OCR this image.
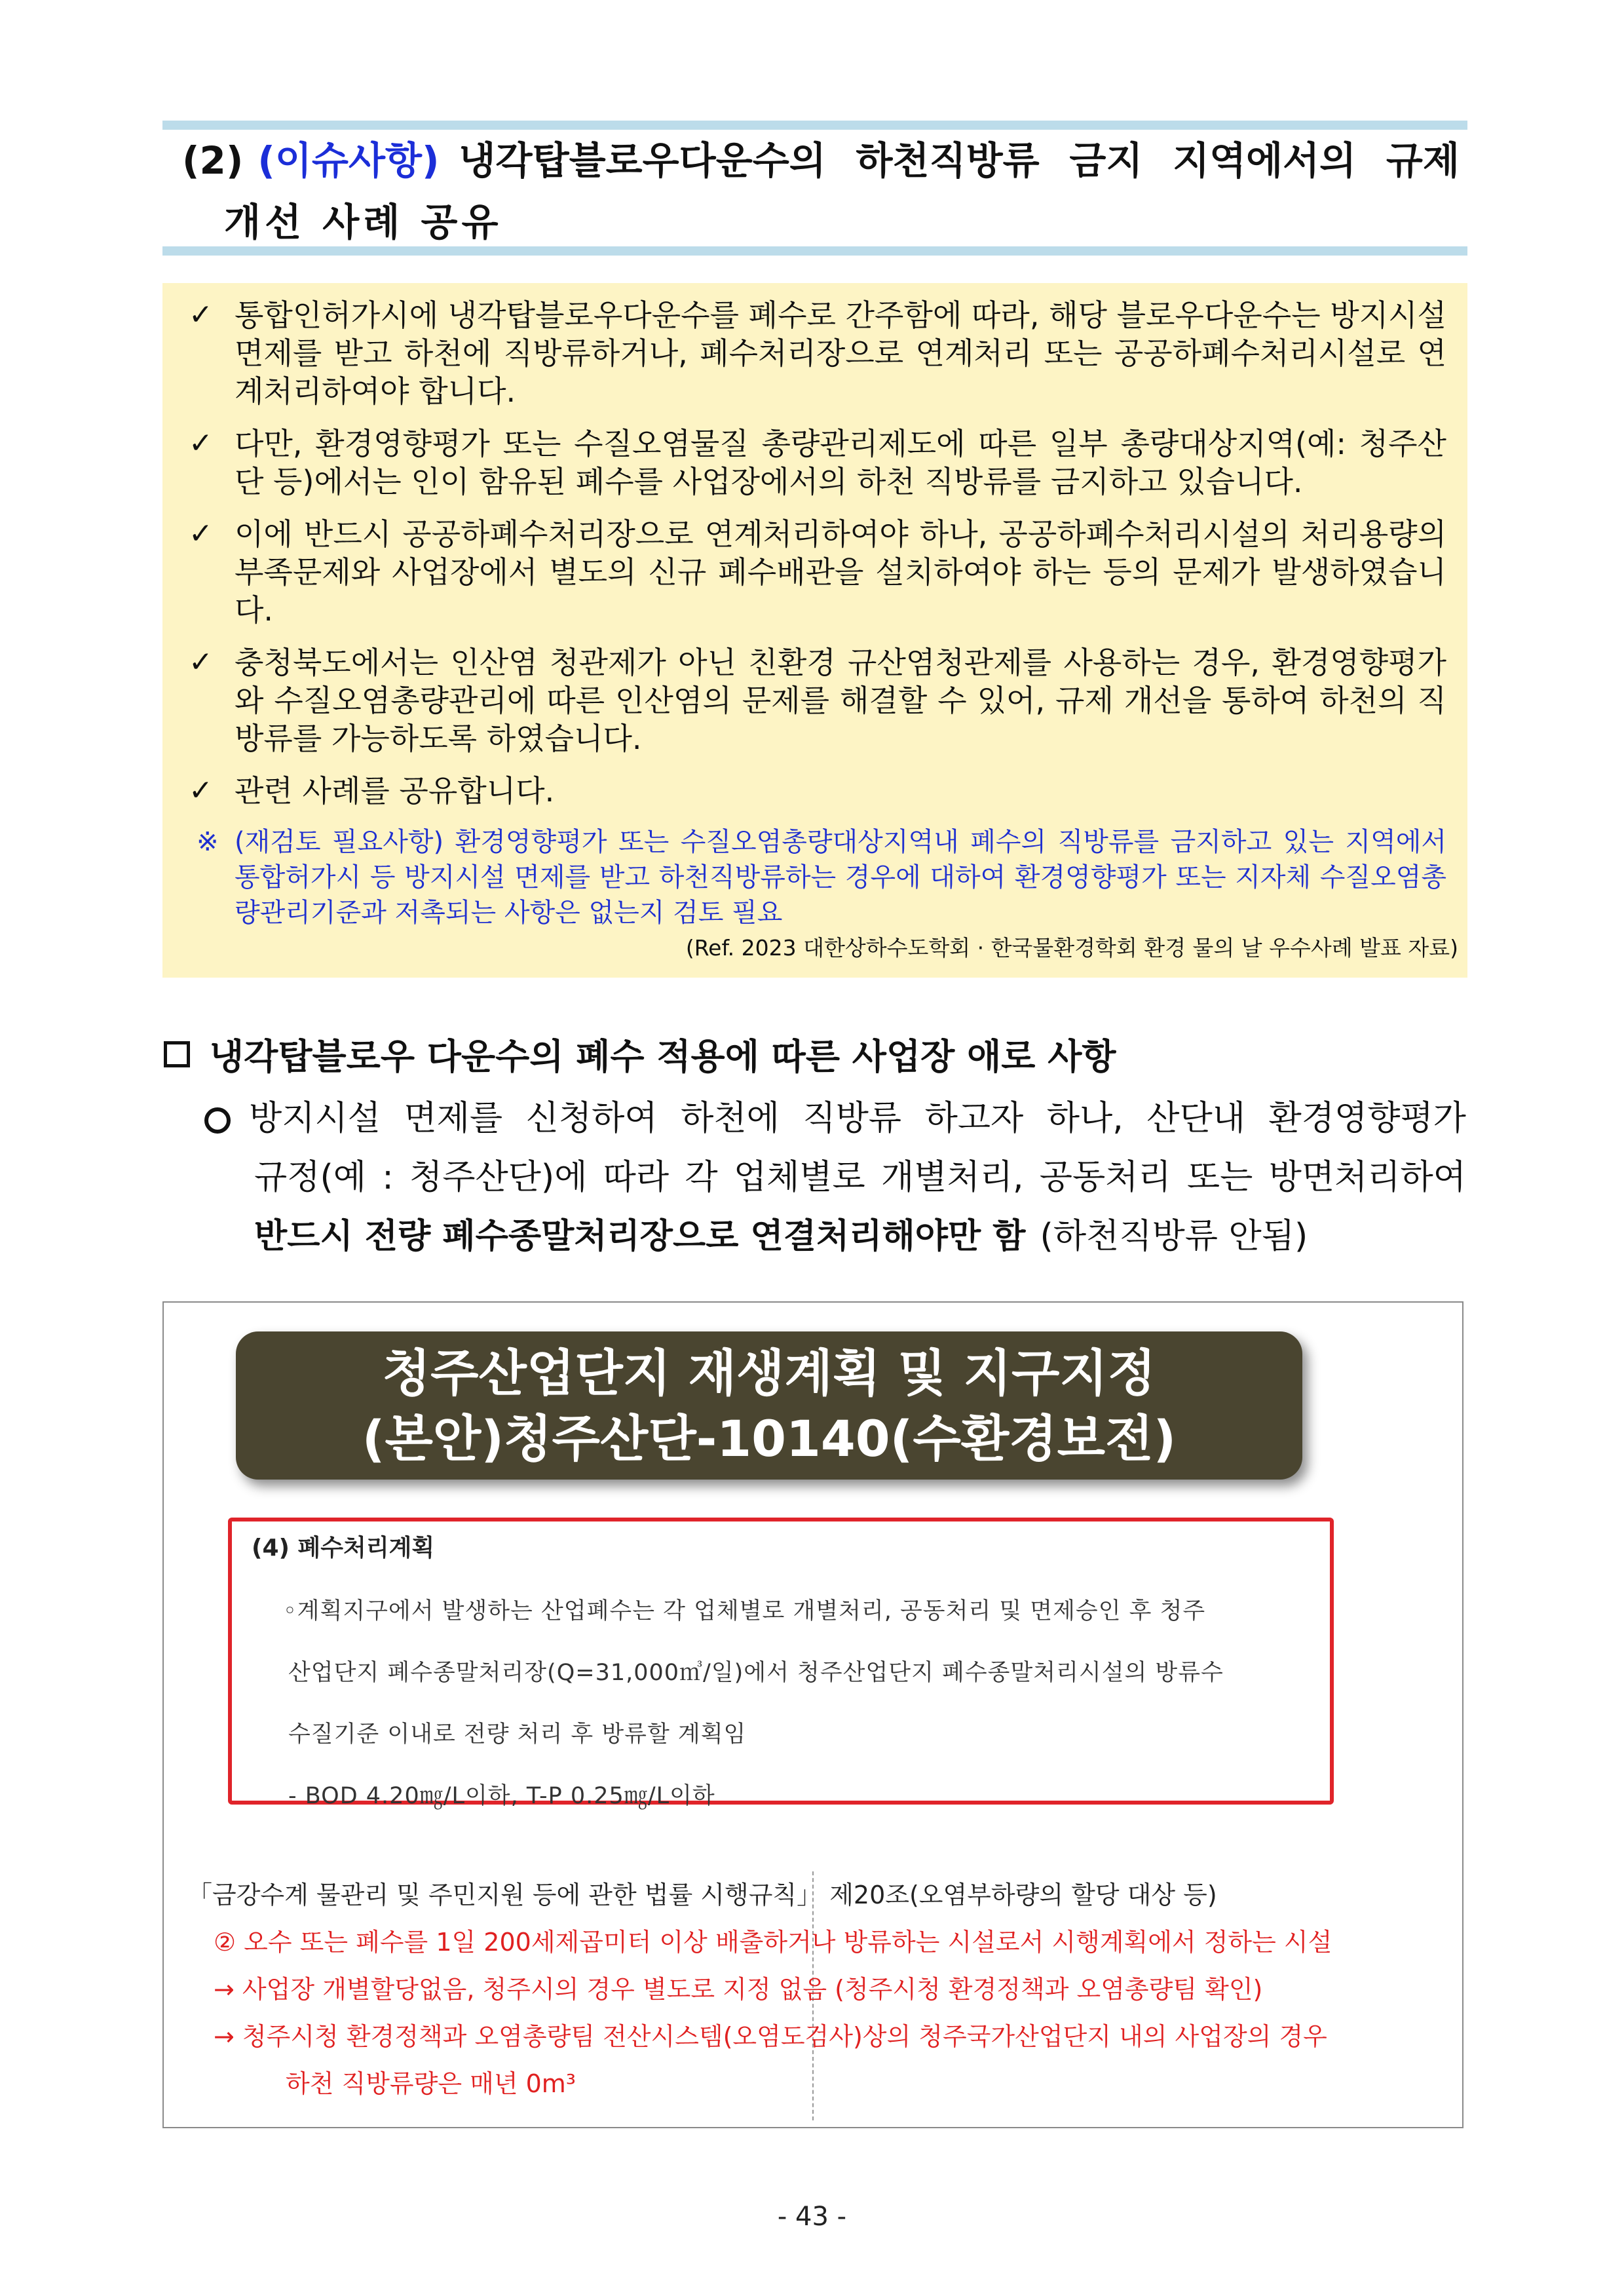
(2) (이슈사항) 냉각탑블로우다운수의 하천직방류 금지 지역에서의 규제
개선 사례 공유
✓ 통합인허가시에 냉각탑블로우다운수를 폐수로 간주함에 따라, 해당 블로우다운수는 방지시설 면제를 받고 하천에 직방류하거나, 폐수처리장으로 연계처리 또는 공공하폐수처리시설로 연계처리하여야 합니다.
✓ 다만, 환경영향평가 또는 수질오염물질 총량관리제도에 따른 일부 총량대상지역(예: 청주산단 등)에서는 인이 함유된 폐수를 사업장에서의 하천 직방류를 금지하고 있습니다.
✓ 이에 반드시 공공하폐수처리장으로 연계처리하여야 하나, 공공하폐수처리시설의 처리용량의 부족문제와 사업장에서 별도의 신규 폐수배관을 설치하여야 하는 등의 문제가 발생하였습니다.
✓ 충청북도에서는 인산염 청관제가 아닌 친환경 규산염청관제를 사용하는 경우, 환경영향평가와 수질오염총량관리에 따른 인산염의 문제를 해결할 수 있어, 규제 개선을 통하여 하천의 직방류를 가능하도록 하였습니다.
✓ 관련 사례를 공유합니다.
※ (재검토 필요사항) 환경영향평가 또는 수질오염총량대상지역내 폐수의 직방류를 금지하고 있는 지역에서 통합허가시 등 방지시설 면제를 받고 하천직방류하는 경우에 대하여 환경영향평가 또는 지자체 수질오염총량관리기준과 저촉되는 사항은 없는지 검토 필요
(Ref. 2023 대한상하수도학회 · 한국물환경학회 환경 물의 날 우수사례 발표 자료)
냉각탑블로우 다운수의 폐수 적용에 따른 사업장 애로 사항
방지시설 면제를 신청하여 하천에 직방류 하고자 하나, 산단내 환경영향평가
규정(예 : 청주산단)에 따라 각 업체별로 개별처리, 공동처리 또는 방면처리하여
반드시 전량 폐수종말처리장으로 연결처리해야만 함 (하천직방류 안됨)
청주산업단지 재생계획 및 지구지정
(본안)청주산단-10140(수환경보전)
(4) 폐수처리계획
◦계획지구에서 발생하는 산업폐수는 각 업체별로 개별처리, 공동처리 및 면제승인 후 청주
산업단지 폐수종말처리장(Q=31,000㎥/일)에서 청주산업단지 폐수종말처리시설의 방류수
수질기준 이내로 전량 처리 후 방류할 계획임
- BOD 4.20㎎/L이하, T-P 0.25㎎/L이하
「금강수계 물관리 및 주민지원 등에 관한 법률 시행규칙」 제20조(오염부하량의 할당 대상 등)
② 오수 또는 폐수를 1일 200세제곱미터 이상 배출하거나 방류하는 시설로서 시행계획에서 정하는 시설
→ 사업장 개별할당없음, 청주시의 경우 별도로 지정 없음 (청주시청 환경정책과 오염총량팀 확인)
→ 청주시청 환경정책과 오염총량팀 전산시스템(오염도검사)상의 청주국가산업단지 내의 사업장의 경우
하천 직방류량은 매년 0m³
- 43 -
